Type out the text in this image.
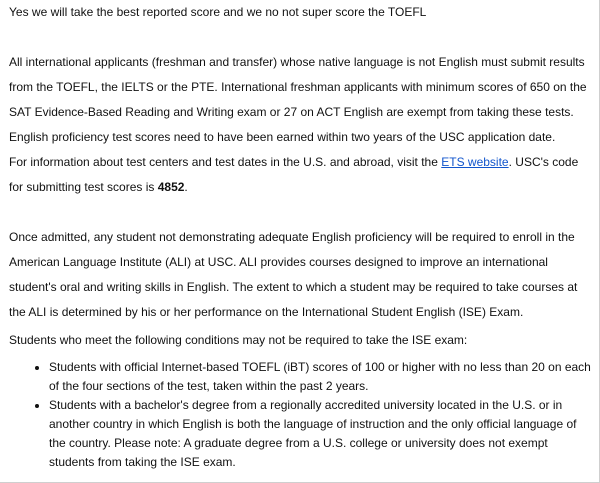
Yes we will take the best reported score and we no not super score the TOEFL

All international applicants (freshman and transfer) whose native language is not English must submit results from the TOEFL, the IELTS or the PTE. International freshman applicants with minimum scores of 650 on the SAT Evidence-Based Reading and Writing exam or 27 on ACT English are exempt from taking these tests.

English proficiency test scores need to have been earned within two years of the USC application date.

For information about test centers and test dates in the U.S. and abroad, visit the ETS website. USC's code for submitting test scores is 4852.

Once admitted, any student not demonstrating adequate English proficiency will be required to enroll in the American Language Institute (ALI) at USC. ALI provides courses designed to improve an international student's oral and writing skills in English. The extent to which a student may be required to take courses at the ALI is determined by his or her performance on the International Student English (ISE) Exam.

Students who meet the following conditions may not be required to take the ISE exam:

• Students with official Internet-based TOEFL (iBT) scores of 100 or higher with no less than 20 on each of the four sections of the test, taken within the past 2 years.
• Students with a bachelor's degree from a regionally accredited university located in the U.S. or in another country in which English is both the language of instruction and the only official language of the country. Please note: A graduate degree from a U.S. college or university does not exempt students from taking the ISE exam.
